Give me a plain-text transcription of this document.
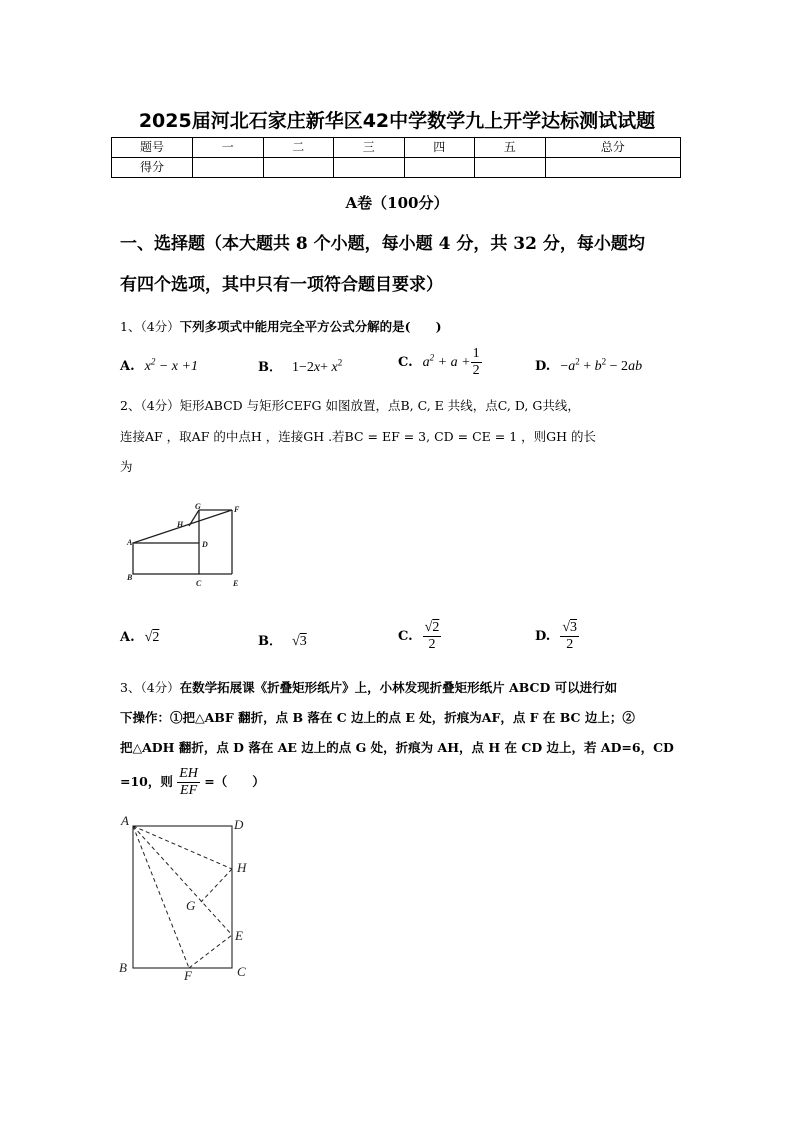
2025届河北石家庄新华区42中学数学九上开学达标测试试题
题号	一	二	三	四	五	总分
得分						
A卷（100分）
一、选择题（本大题共 8 个小题，每小题 4 分，共 32 分，每小题均
有四个选项，其中只有一项符合题目要求）
1、（4分）下列多项式中能用完全平方公式分解的是(　　)
A. $x^2 - x +1$	B． $1-2x+ x^2$	C. $a^2 + a + \frac{1}{2}$	D. $-a^2 + b^2 - 2ab$
2、（4分）矩形ABCD 与矩形CEFG 如图放置，点B, C, E 共线，点C, D, G共线，
连接AF ，取AF 的中点H ，连接GH .若BC = EF = 3, CD = CE = 1 ，则GH 的长
为
A
B
C
D
E
F
G
H
A. √2	B． √3	C. $\frac{√2}{2}$	D. $\frac{√3}{2}$
3、（4分）在数学拓展课《折叠矩形纸片》上，小林发现折叠矩形纸片 ABCD 可以进行如
下操作：①把△ABF 翻折，点 B 落在 C 边上的点 E 处，折痕为AF，点 F 在 BC 边上；②
把△ADH 翻折，点 D 落在 AE 边上的点 G 处，折痕为 AH，点 H 在 CD 边上，若 AD=6，CD
=10，则 $\frac{EH}{EF}$ =（　　）
A	D
H
G
E
B
F	C
